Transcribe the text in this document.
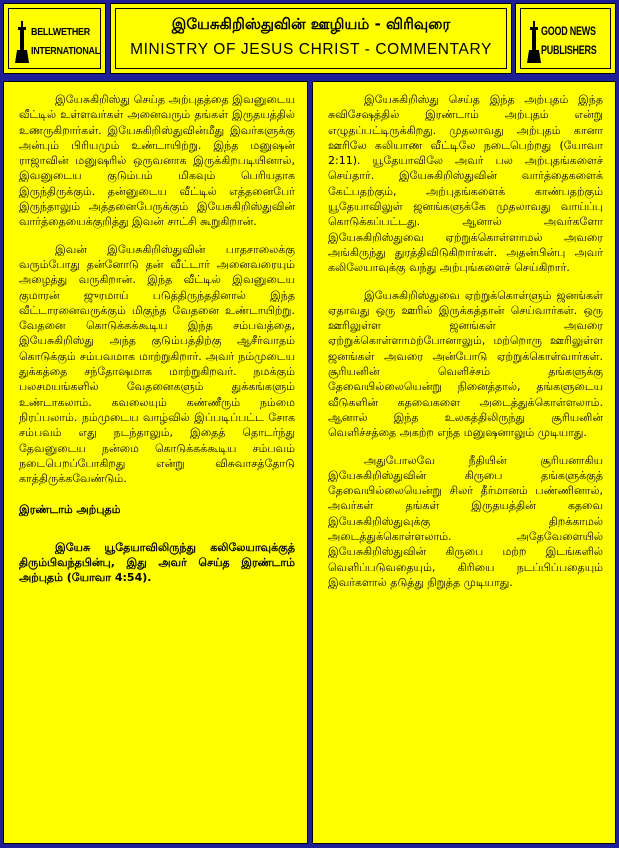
BELLWETHER
INTERNATIONAL
இயேசுகிறிஸ்துவின் ஊழியம் - விரிவுரை
MINISTRY OF JESUS CHRIST - COMMENTARY
GOOD NEWS
PUBLISHERS

இயேசுகிறிஸ்து செய்த அற்புதத்தை இவனுடைய வீட்டில் உள்ளவர்கள் அனைவரும் தங்கள் இருதயத்தில் உணருகிறார்கள். இயேசுகிறிஸ்துவின்மீது இவர்களுக்கு அன்பும் பிரியமும் உண்டாயிற்று. இந்த மனுஷன் ராஜாவின் மனுஷரில் ஒருவனாக இருக்கிறபடியினால், இவனுடைய குடும்பம் மிகவும் பெரியதாக இருந்திருக்கும். தன்னுடைய வீட்டில் எத்தனைபேர் இருந்தாலும் அத்தனைபேருக்கும் இயேசுகிறிஸ்துவின் வார்த்தையைக்குறித்து இவன் சாட்சி கூறுகிறான்.

இவன் இயேசுகிறிஸ்துவின் பாதசாலைக்கு வரும்போது தன்னோடு தன் வீட்டார் அனைவரையும் அழைத்து வருகிறான். இந்த வீட்டில் இவனுடைய குமாரன் ஜுரமாய் படுத்திருந்ததினால் இந்த வீட்டாரனைவருக்கும் மிகுந்த வேதனை உண்டாயிற்று. வேதனை கொடுக்கக்கூடிய இந்த சம்பவத்தை, இயேசுகிறிஸ்து அந்த குடும்பத்திற்கு ஆசீர்வாதம் கொடுக்கும் சம்பவமாக மாற்றுகிறார். அவர் நம்முடைய துக்கத்தை சந்தோஷமாக மாற்றுகிறவர். நமக்கும் பலசமயங்களில் வேதனைகளும் துக்கங்களும் உண்டாகலாம். கவலையும் கண்ணீரும் நம்மை நிரப்பலாம். நம்முடைய வாழ்வில் இப்படிப்பட்ட சோக சம்பவம் எது நடந்தாலும், இதைத் தொடர்ந்து தேவனுடைய நன்மை கொடுக்கக்கூடிய சம்பவம் நடைபெறப்போகிறது என்று விசுவாசத்தோடு காத்திருக்கவேண்டும்.

இரண்டாம் அற்புதம்

இயேசு யூதேயாவிலிருந்து கலிலேயாவுக்குத் திரும்பிவந்தபின்பு, இது அவர் செய்த இரண்டாம் அற்புதம் (யோவா 4:54).

இயேசுகிறிஸ்து செய்த இந்த அற்புதம் இந்த சுவிசேஷத்தில் இரண்டாம் அற்புதம் என்று எழுதப்பட்டிருக்கிறது. முதலாவது அற்புதம் கானா ஊரிலே கலியாண வீட்டிலே நடைபெற்றது (யோவா 2:11). யூதேயாவிலே அவர் பல அற்புதங்களைச் செய்தார். இயேசுகிறிஸ்துவின் வார்த்தைகளைக் கேட்பதற்கும், அற்புதங்களைக் காண்பதற்கும் யூதேயாவிலுள் ஜனங்களுக்கே முதலாவது வாய்ப்பு கொடுக்கப்பட்டது. ஆனால் அவர்களோ இயேசுகிறிஸ்துவை ஏற்றுக்கொள்ளாமல் அவரை அங்கிருந்து துரத்திவிடுகிறார்கள். அதன்பின்பு அவர் கலிலேயாவுக்கு வந்து அற்புங்களைச் செய்கிறார்.

இயேசுகிறிஸ்துவை ஏற்றுக்கொள்ளும் ஜனங்கள் ஏதாவது ஒரு ஊரில் இருக்கத்தான் செய்வார்கள். ஒரு ஊரிலுள்ள ஜனங்கள் அவரை ஏற்றுக்கொள்ளாமற்போனாலும், மற்றொரு ஊரிலுள்ள ஜனங்கள் அவரை அன்போடு ஏற்றுக்கொள்வார்கள். சூரியனின் வெளிச்சம் தங்களுக்கு தேவையில்லையென்று நினைத்தால், தங்களுடைய வீடுகளின் கதவைகளை அடைத்துக்கொள்ளலாம். ஆனால் இந்த உலகத்திலிருந்து சூரியனின் வெளிச்சத்தை அகற்ற எந்த மனுஷனாலும் முடியாது.

அதுபோலவே நீதியின் சூரியனாகிய இயேசுகிறிஸ்துவின் கிருபை தங்களுக்குத் தேவையில்லையென்று சிலர் தீர்மானம் பண்ணினால், அவர்கள் தங்கள் இருதயத்தின் கதவை இயேசுகிறிஸ்துவுக்கு திறக்காமல் அடைத்துக்கொள்ளலாம். அதேவேளையில் இயேசுகிறிஸ்துவின் கிருபை மற்ற இடங்களில் வெளிப்படுவதையும், கிரியை நடப்பிப்பதையும் இவர்களால் தடுத்து நிறுத்த முடியாது.
